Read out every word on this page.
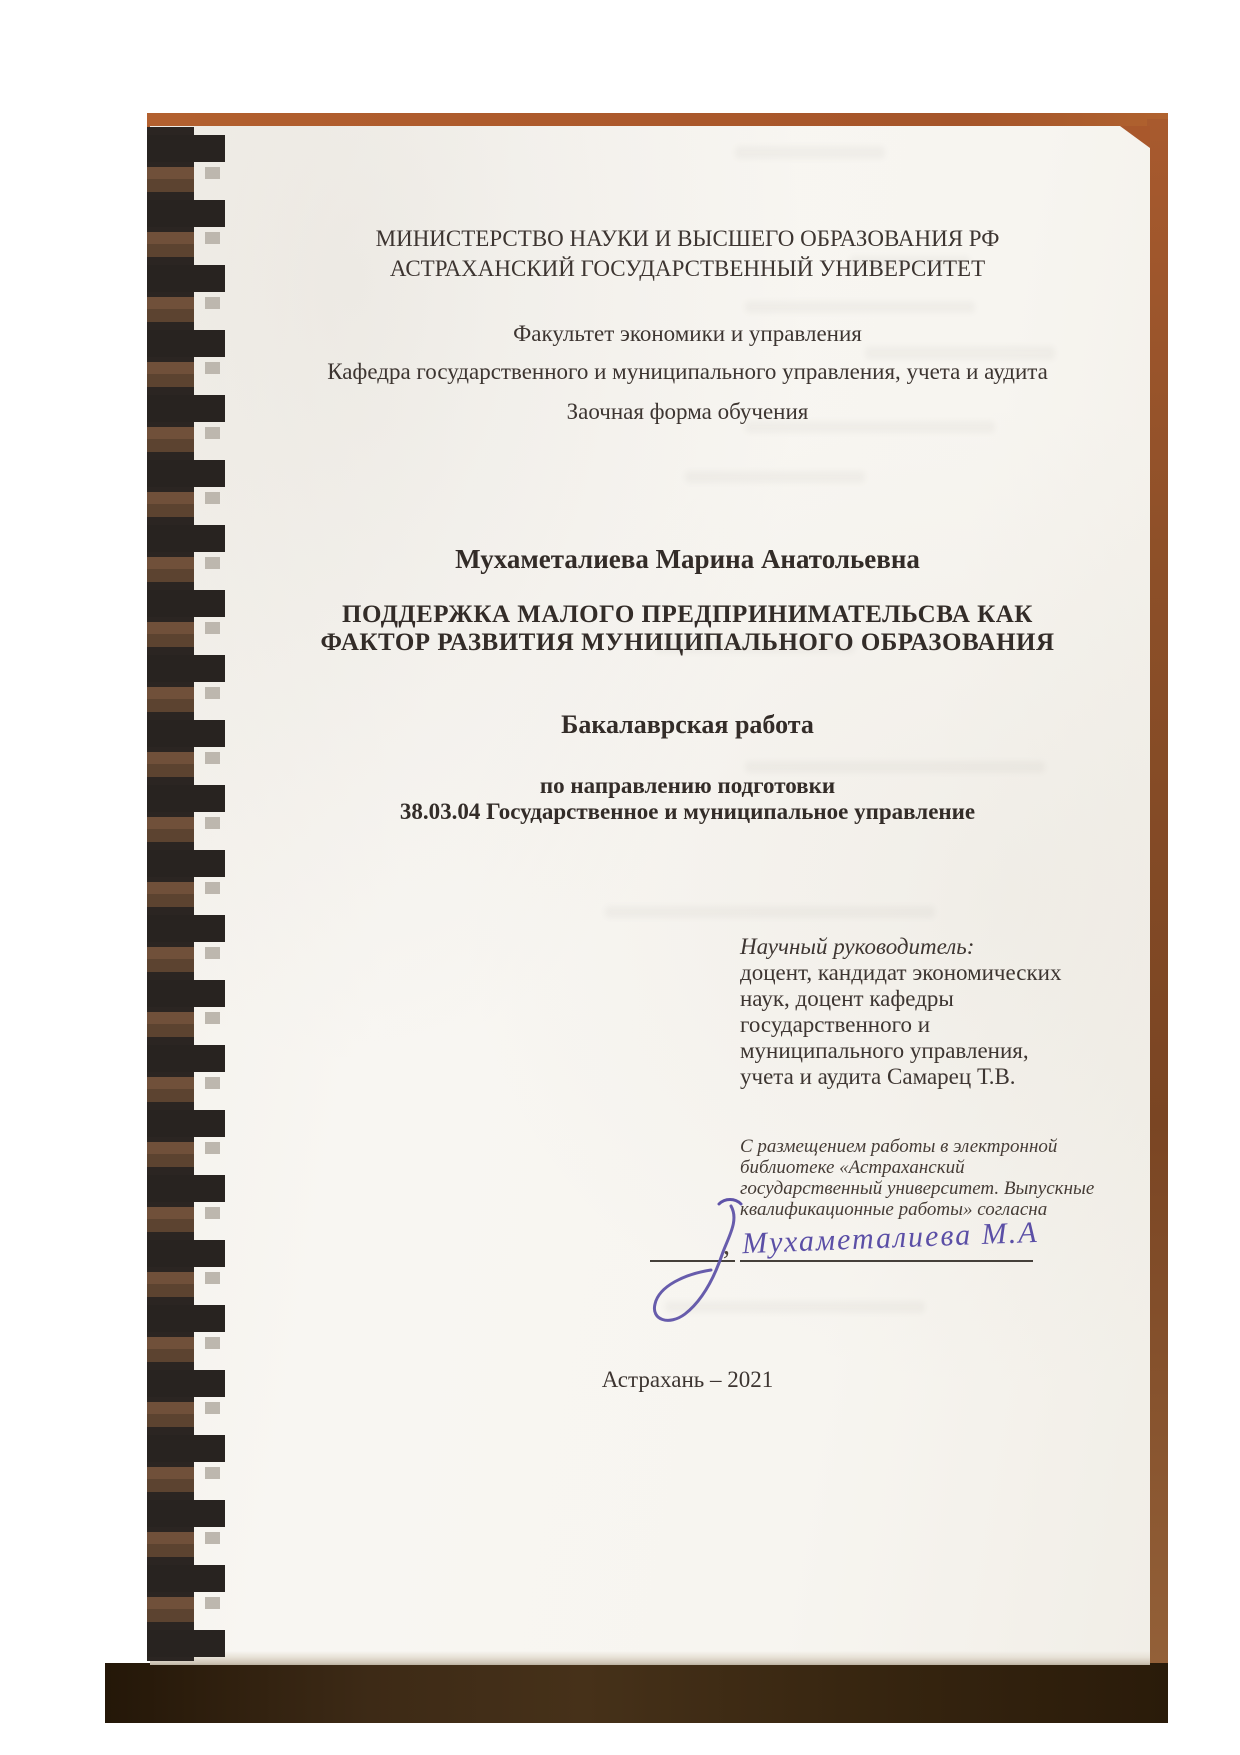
МИНИСТЕРСТВО НАУКИ И ВЫСШЕГО ОБРАЗОВАНИЯ РФ
АСТРАХАНСКИЙ ГОСУДАРСТВЕННЫЙ УНИВЕРСИТЕТ
Факультет экономики и управления
Кафедра государственного и муниципального управления, учета и аудита
Заочная форма обучения
Мухаметалиева Марина Анатольевна
ПОДДЕРЖКА МАЛОГО ПРЕДПРИНИМАТЕЛЬСВА КАК
ФАКТОР РАЗВИТИЯ МУНИЦИПАЛЬНОГО ОБРАЗОВАНИЯ
Бакалаврская работа
по направлению подготовки
38.03.04 Государственное и муниципальное управление
Научный руководитель:
доцент, кандидат экономических
наук, доцент кафедры
государственного и
муниципального управления,
учета и аудита Самарец Т.В.
С размещением работы в электронной
библиотеке «Астраханский
государственный университет. Выпускные
квалификационные работы» согласна
, Мухаметалиева М.А
Астрахань – 2021
